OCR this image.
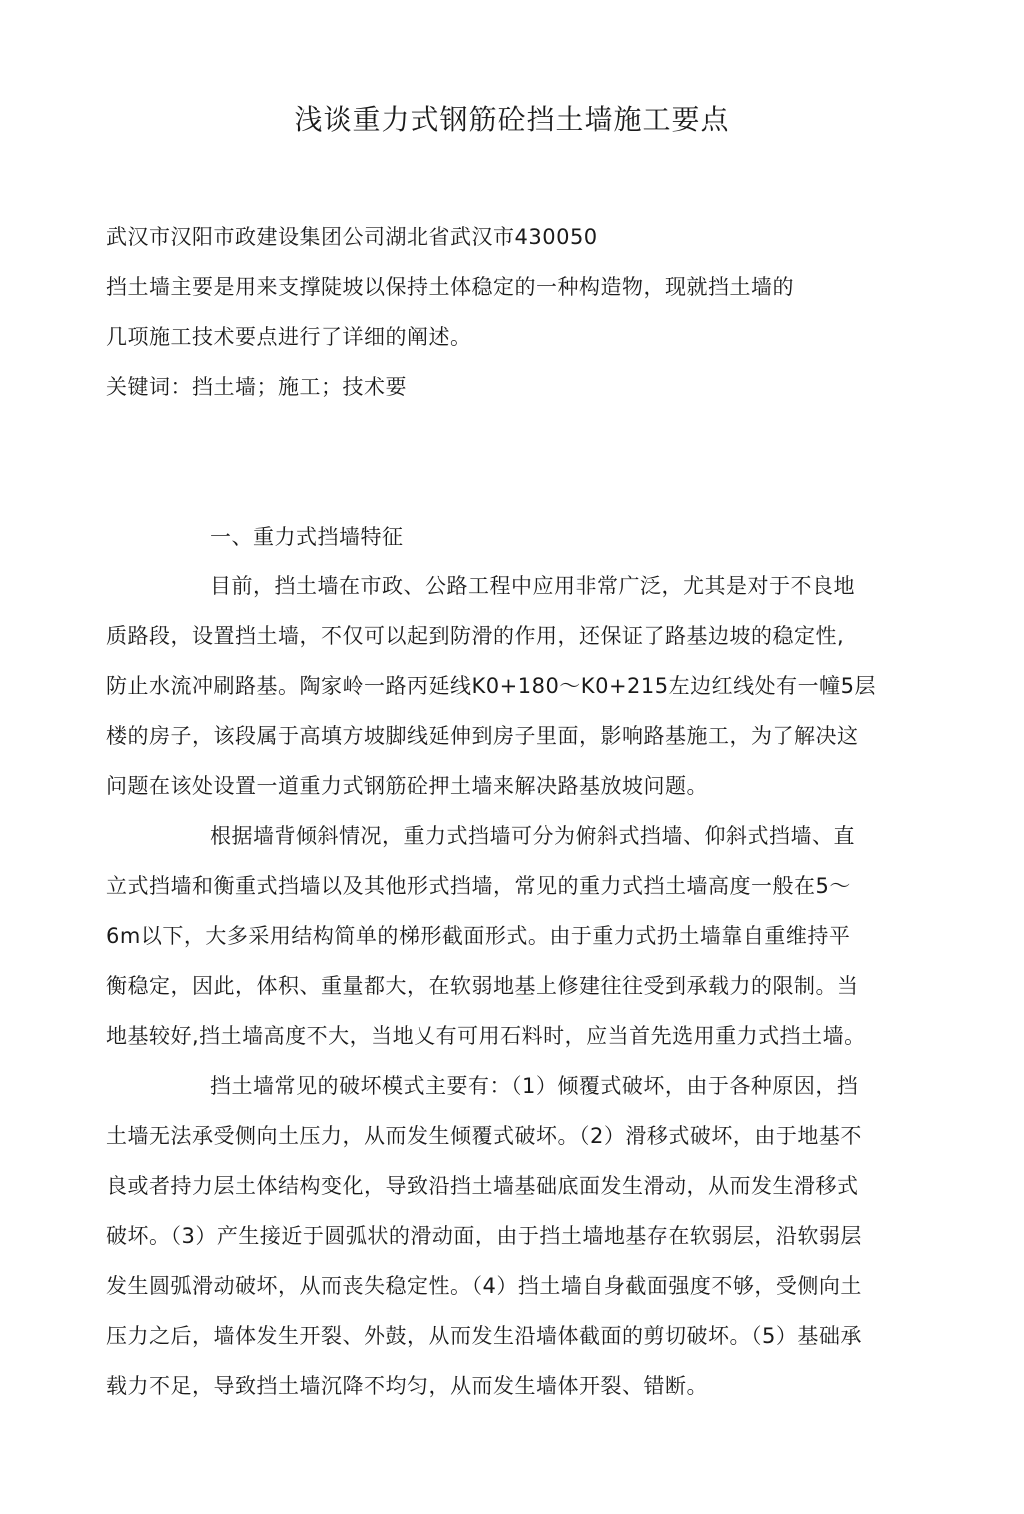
浅谈重力式钢筋砼挡土墙施工要点
武汉市汉阳市政建设集团公司湖北省武汉市430050
挡土墙主要是用来支撑陡坡以保持土体稳定的一种构造物，现就挡土墙的
几项施工技术要点进行了详细的阐述。
关键词：挡土墙；施工；技术要
一、重力式挡墙特征
目前，挡土墙在市政、公路工程中应用非常广泛，尤其是对于不良地
质路段，设置挡土墙，不仅可以起到防滑的作用，还保证了路基边坡的稳定性,
防止水流冲刷路基。陶家岭一路丙延线K0+180～K0+215左边红线处有一幢5层
楼的房子，该段属于高填方坡脚线延伸到房子里面，影响路基施工，为了解决这
问题在该处设置一道重力式钢筋砼押土墙来解决路基放坡问题。
根据墙背倾斜情况，重力式挡墙可分为俯斜式挡墙、仰斜式挡墙、直
立式挡墙和衡重式挡墙以及其他形式挡墙，常见的重力式挡土墙高度一般在5～
6m以下，大多采用结构简单的梯形截面形式。由于重力式扔土墙靠自重维持平
衡稳定，因此，体积、重量都大，在软弱地基上修建往往受到承载力的限制。当
地基较好,挡土墙高度不大，当地乂有可用石料时，应当首先选用重力式挡土墙。
挡土墙常见的破坏模式主要有：（1）倾覆式破坏，由于各种原因，挡
土墙无法承受侧向土压力，从而发生倾覆式破坏。（2）滑移式破坏，由于地基不
良或者持力层土体结构变化，导致沿挡土墙基础底面发生滑动，从而发生滑移式
破坏。（3）产生接近于圆弧状的滑动面，由于挡土墙地基存在软弱层，沿软弱层
发生圆弧滑动破坏，从而丧失稳定性。（4）挡土墙自身截面强度不够，受侧向土
压力之后，墙体发生开裂、外鼓，从而发生沿墙体截面的剪切破坏。（5）基础承
载力不足，导致挡土墙沉降不均匀，从而发生墙体开裂、错断。
